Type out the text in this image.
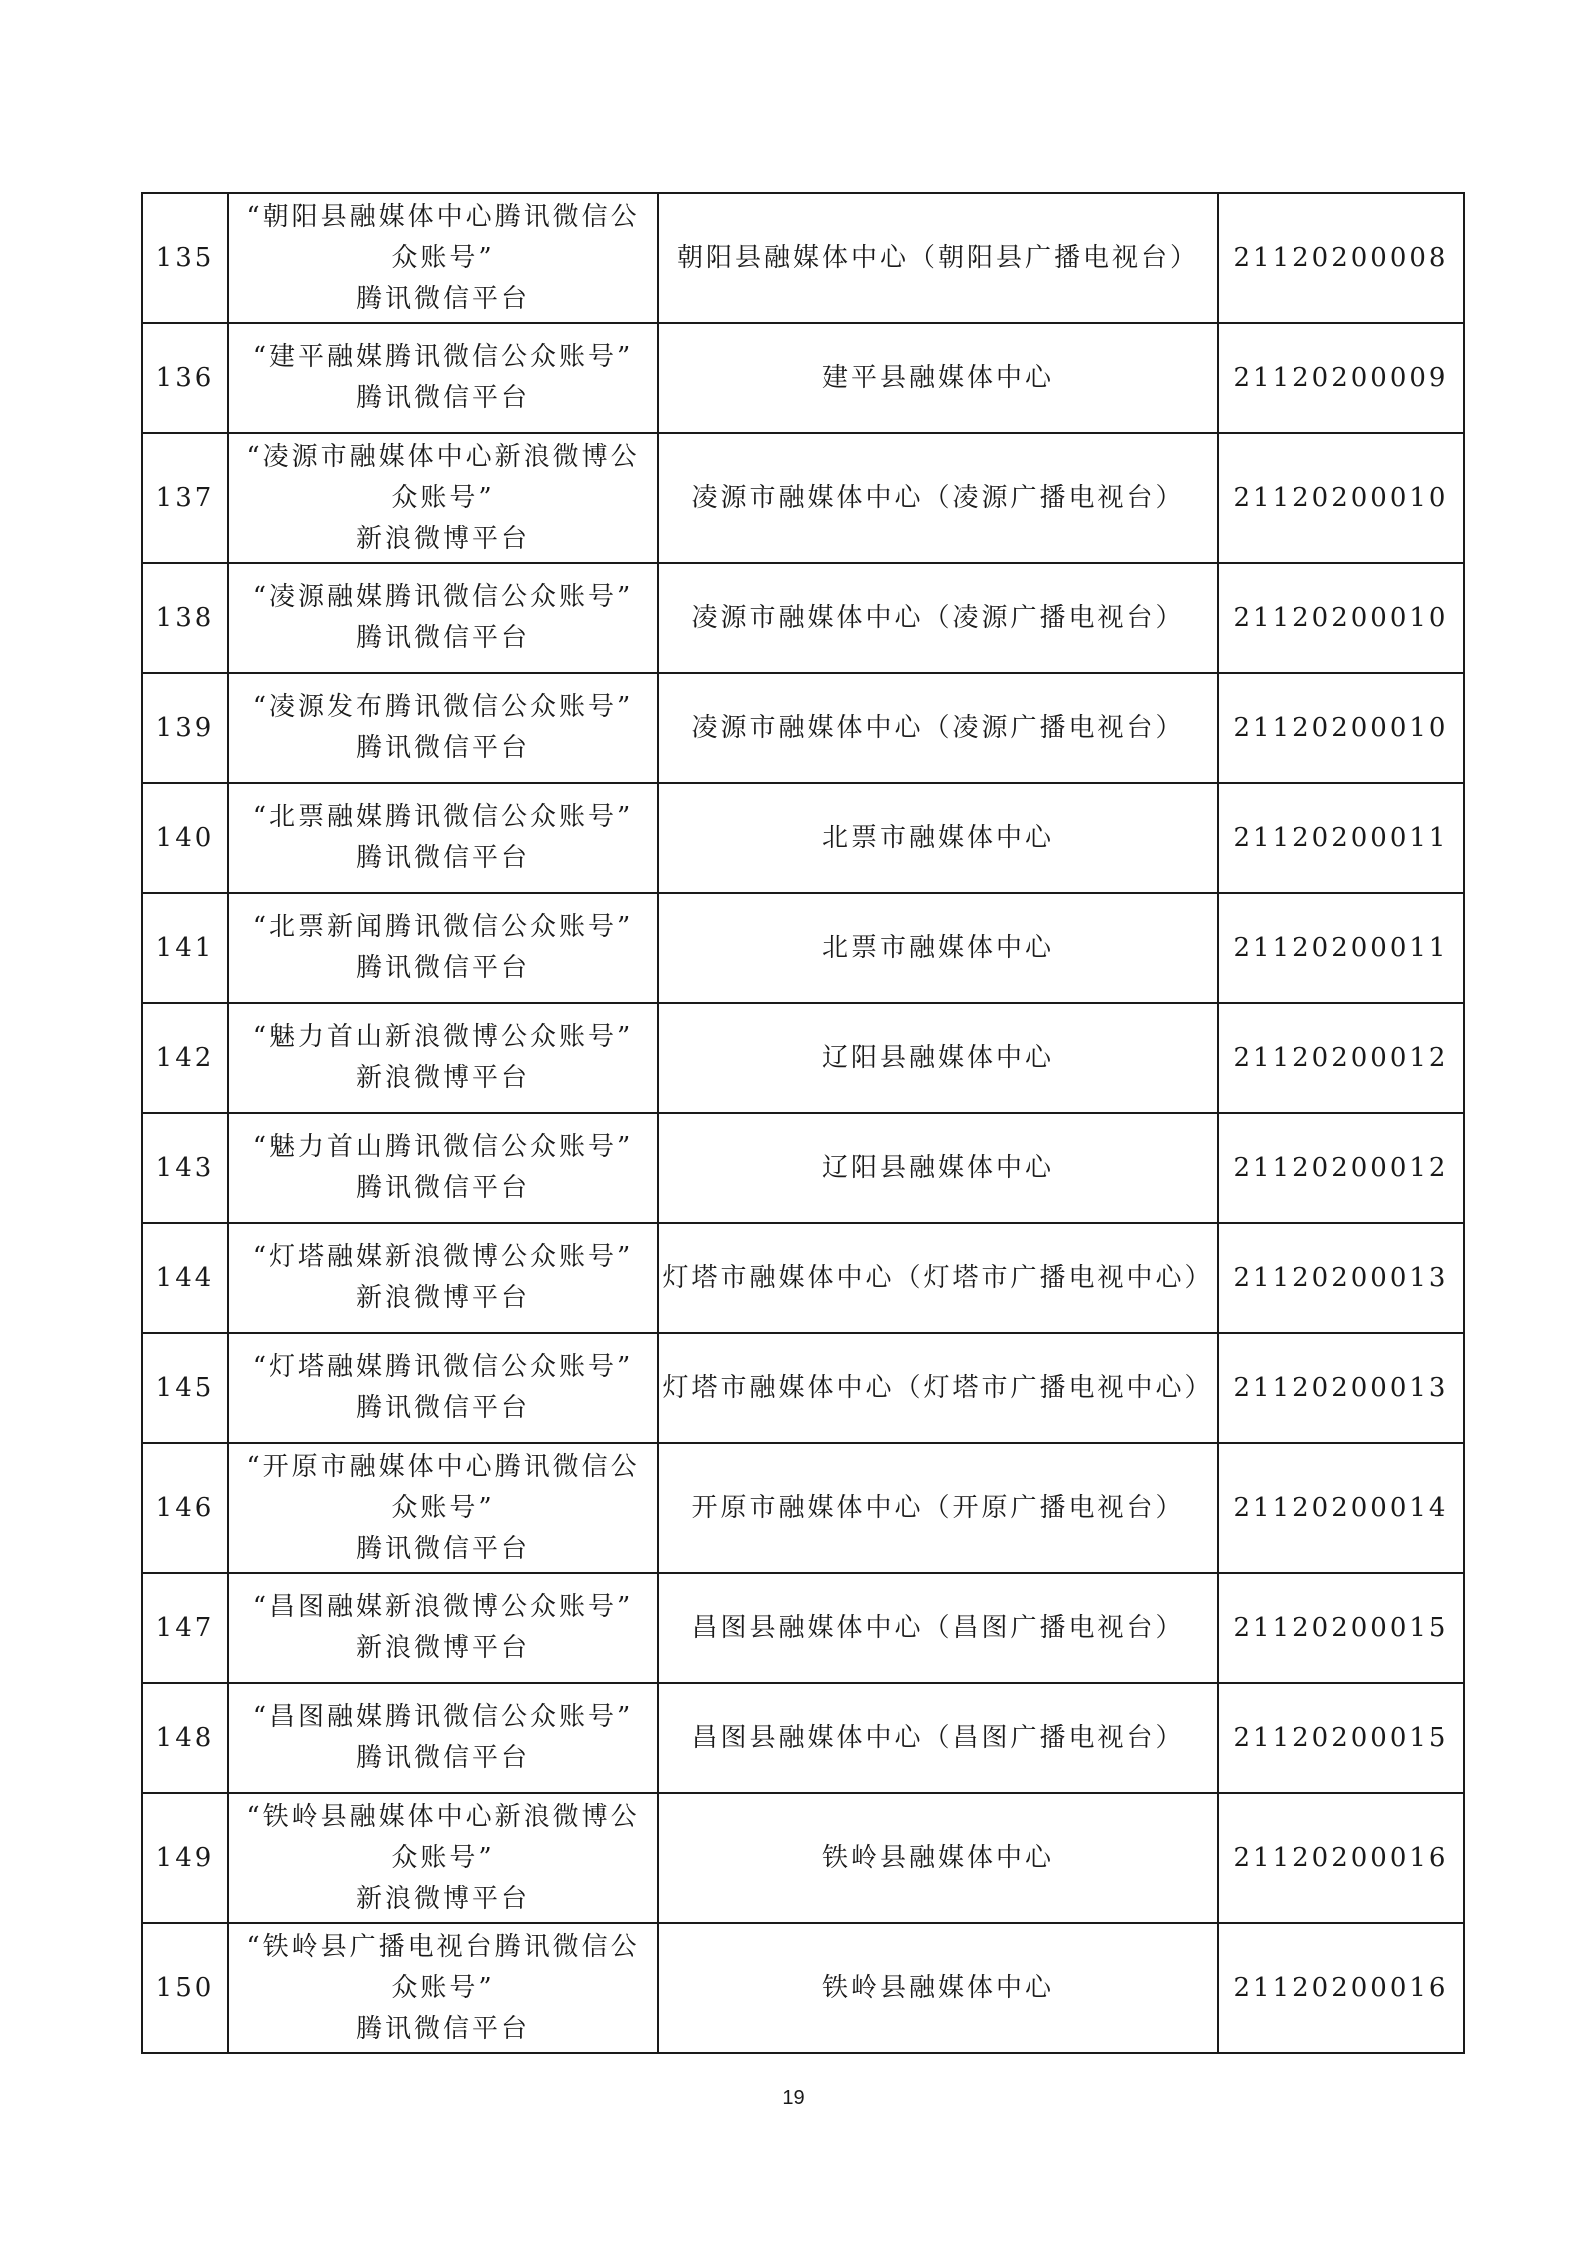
135	“朝阳县融媒体中心腾讯微信公
众账号”
腾讯微信平台	朝阳县融媒体中心（朝阳县广播电视台）	21120200008
136	“建平融媒腾讯微信公众账号”
腾讯微信平台	建平县融媒体中心	21120200009
137	“凌源市融媒体中心新浪微博公
众账号”
新浪微博平台	凌源市融媒体中心（凌源广播电视台）	21120200010
138	“凌源融媒腾讯微信公众账号”
腾讯微信平台	凌源市融媒体中心（凌源广播电视台）	21120200010
139	“凌源发布腾讯微信公众账号”
腾讯微信平台	凌源市融媒体中心（凌源广播电视台）	21120200010
140	“北票融媒腾讯微信公众账号”
腾讯微信平台	北票市融媒体中心	21120200011
141	“北票新闻腾讯微信公众账号”
腾讯微信平台	北票市融媒体中心	21120200011
142	“魅力首山新浪微博公众账号”
新浪微博平台	辽阳县融媒体中心	21120200012
143	“魅力首山腾讯微信公众账号”
腾讯微信平台	辽阳县融媒体中心	21120200012
144	“灯塔融媒新浪微博公众账号”
新浪微博平台	灯塔市融媒体中心（灯塔市广播电视中心）	21120200013
145	“灯塔融媒腾讯微信公众账号”
腾讯微信平台	灯塔市融媒体中心（灯塔市广播电视中心）	21120200013
146	“开原市融媒体中心腾讯微信公
众账号”
腾讯微信平台	开原市融媒体中心（开原广播电视台）	21120200014
147	“昌图融媒新浪微博公众账号”
新浪微博平台	昌图县融媒体中心（昌图广播电视台）	21120200015
148	“昌图融媒腾讯微信公众账号”
腾讯微信平台	昌图县融媒体中心（昌图广播电视台）	21120200015
149	“铁岭县融媒体中心新浪微博公
众账号”
新浪微博平台	铁岭县融媒体中心	21120200016
150	“铁岭县广播电视台腾讯微信公
众账号”
腾讯微信平台	铁岭县融媒体中心	21120200016
19
